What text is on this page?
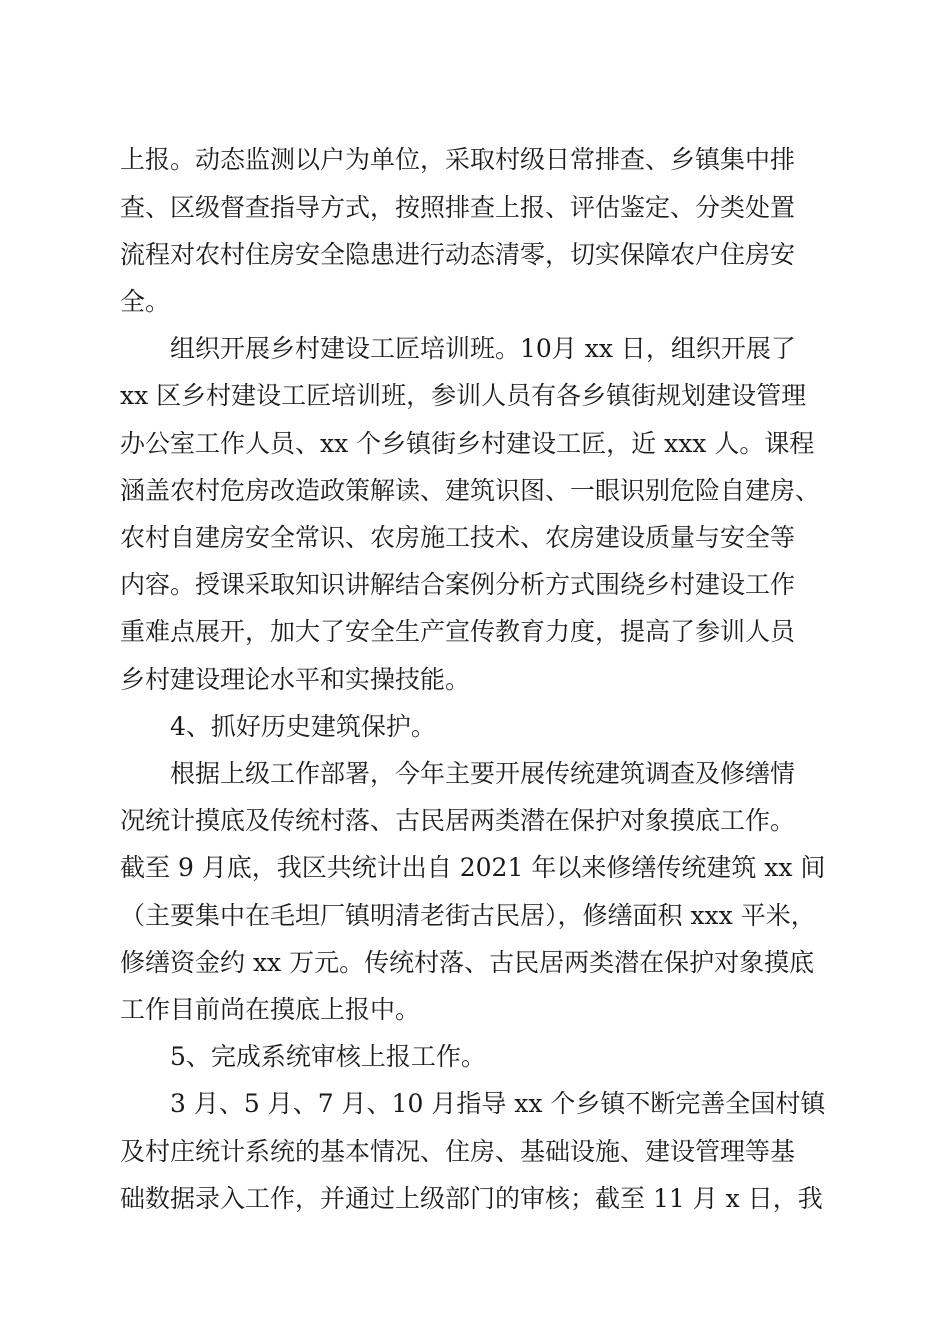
上报。动态监测以户为单位，采取村级日常排查、乡镇集中排
查、区级督查指导方式，按照排查上报、评估鉴定、分类处置
流程对农村住房安全隐患进行动态清零，切实保障农户住房安
全。
组织开展乡村建设工匠培训班。10月 xx 日，组织开展了
xx 区乡村建设工匠培训班，参训人员有各乡镇街规划建设管理
办公室工作人员、xx 个乡镇街乡村建设工匠，近 xxx 人。课程
涵盖农村危房改造政策解读、建筑识图、一眼识别危险自建房、
农村自建房安全常识、农房施工技术、农房建设质量与安全等
内容。授课采取知识讲解结合案例分析方式围绕乡村建设工作
重难点展开，加大了安全生产宣传教育力度，提高了参训人员
乡村建设理论水平和实操技能。
4、抓好历史建筑保护。
根据上级工作部署，今年主要开展传统建筑调查及修缮情
况统计摸底及传统村落、古民居两类潜在保护对象摸底工作。
截至 9 月底，我区共统计出自 2021 年以来修缮传统建筑 xx 间
（主要集中在毛坦厂镇明清老街古民居），修缮面积 xxx 平米，
修缮资金约 xx 万元。传统村落、古民居两类潜在保护对象摸底
工作目前尚在摸底上报中。
5、完成系统审核上报工作。
3 月、5 月、7 月、10 月指导 xx 个乡镇不断完善全国村镇
及村庄统计系统的基本情况、住房、基础设施、建设管理等基
础数据录入工作，并通过上级部门的审核；截至 11 月 x 日，我
